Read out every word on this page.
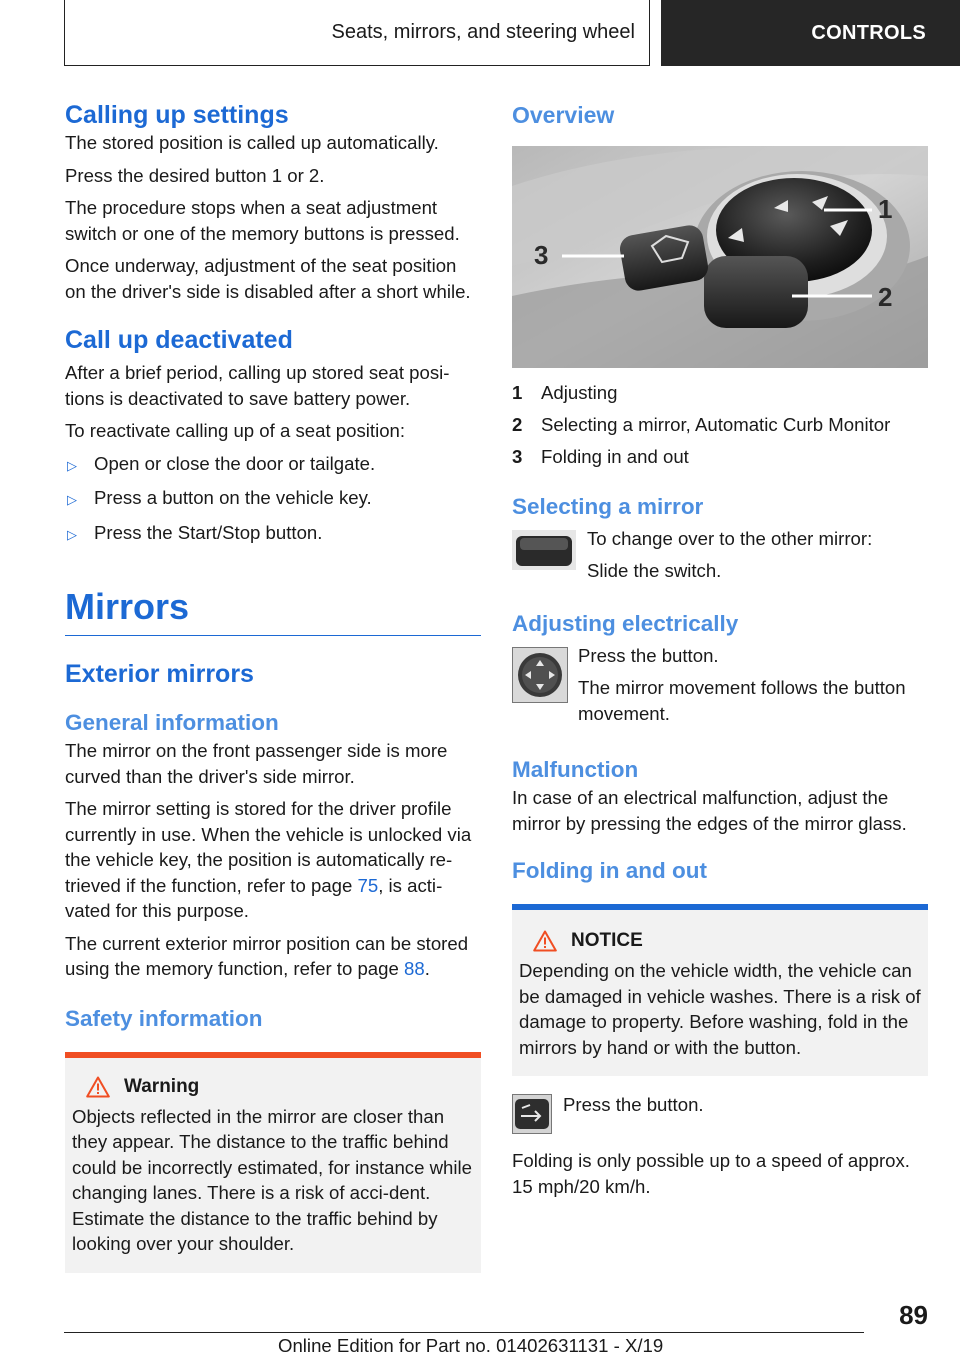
Seats, mirrors, and steering wheel	CONTROLS
Calling up settings

The stored position is called up automatically.

Press the desired button 1 or 2.

The procedure stops when a seat adjustment switch or one of the memory buttons is pressed.

Once underway, adjustment of the seat position on the driver's side is disabled after a short while.

Call up deactivated

After a brief period, calling up stored seat posi-tions is deactivated to save battery power.

To reactivate calling up of a seat position:

▷ Open or close the door or tailgate.
▷ Press a button on the vehicle key.
▷ Press the Start/Stop button.
Mirrors
Exterior mirrors
General information

The mirror on the front passenger side is more curved than the driver's side mirror.

The mirror setting is stored for the driver profile currently in use. When the vehicle is unlocked via the vehicle key, the position is automatically re-trieved if the function, refer to page 75, is acti-vated for this purpose.

The current exterior mirror position can be stored using the memory function, refer to page 88.

Safety information
Warning
Objects reflected in the mirror are closer than they appear. The distance to the traffic behind could be incorrectly estimated, for instance while changing lanes. There is a risk of acci-dent. Estimate the distance to the traffic behind by looking over your shoulder.
Overview
3
1
2
1	Adjusting
2	Selecting a mirror, Automatic Curb Monitor
3	Folding in and out
Selecting a mirror

To change over to the other mirror:

Slide the switch.

Adjusting electrically

Press the button.

The mirror movement follows the button movement.

Malfunction

In case of an electrical malfunction, adjust the mirror by pressing the edges of the mirror glass.

Folding in and out
NOTICE
Depending on the vehicle width, the vehicle can be damaged in vehicle washes. There is a risk of damage to property. Before washing, fold in the mirrors by hand or with the button.

Press the button.

Folding is only possible up to a speed of approx. 15 mph/20 km/h.

89
Online Edition for Part no. 01402631131 - X/19
